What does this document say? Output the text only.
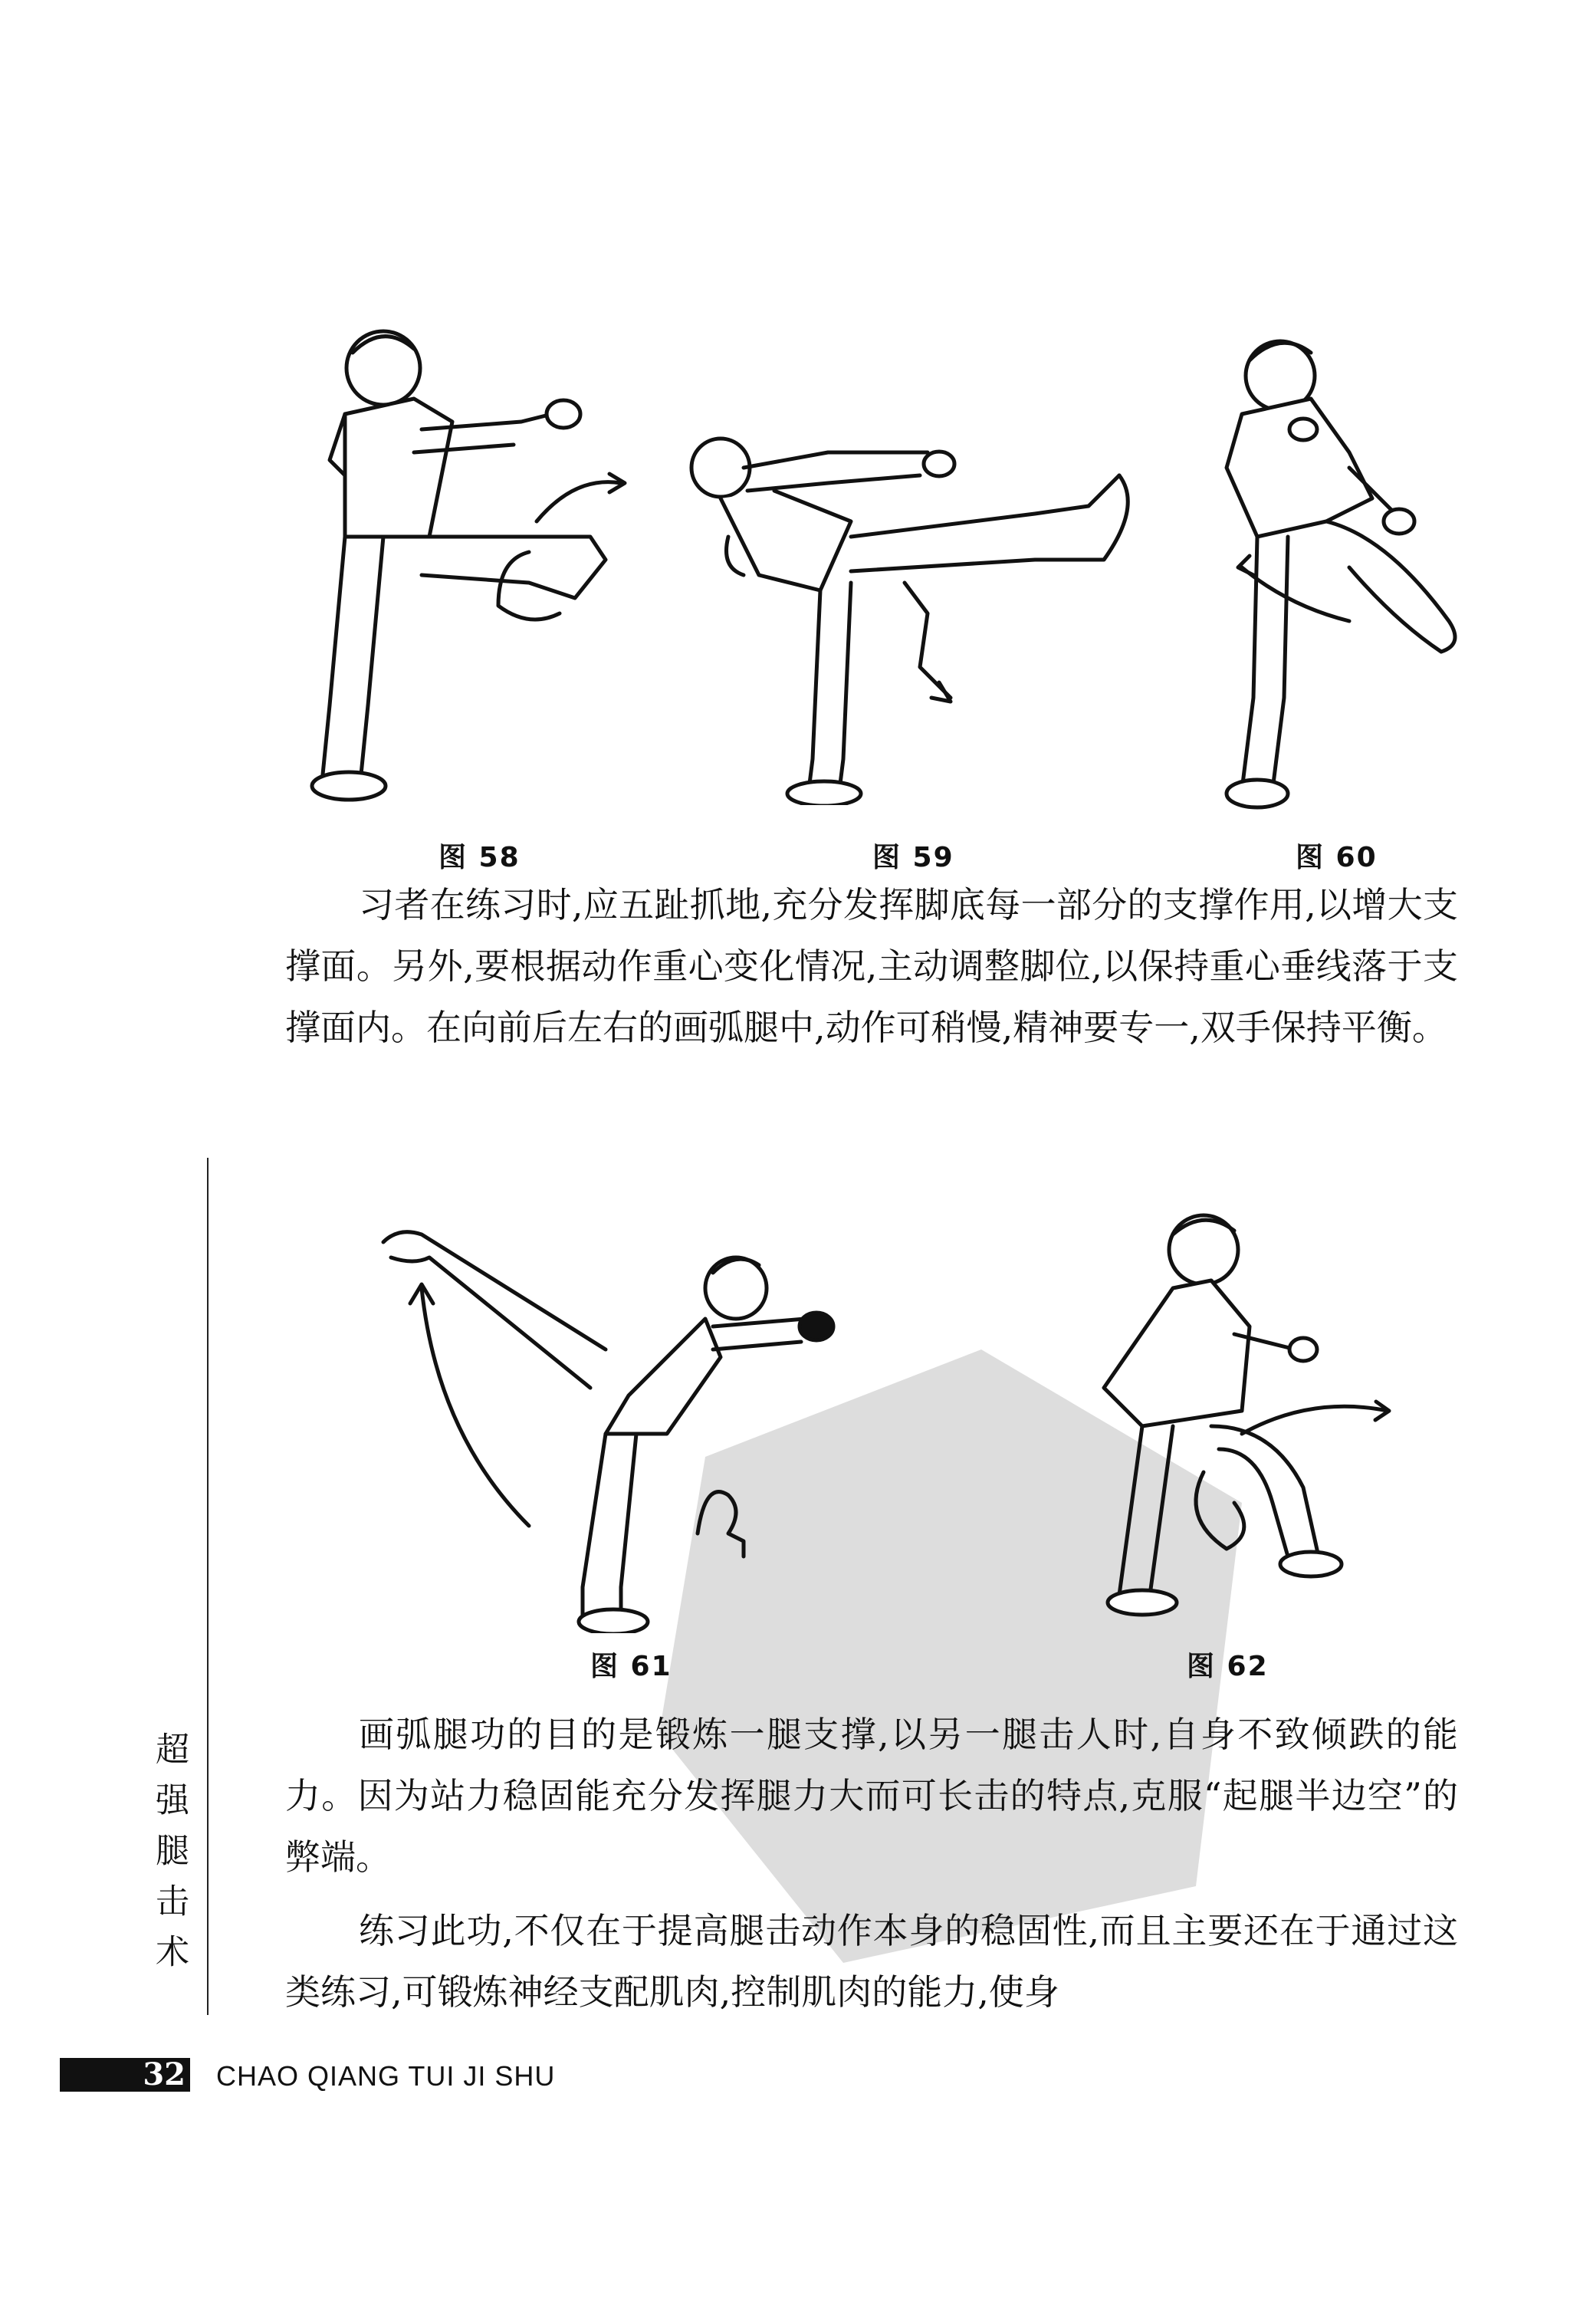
图 58	图 59	图 60

习者在练习时,应五趾抓地,充分发挥脚底每一部分的支撑作用,以增大支撑面。另外,要根据动作重心变化情况,主动调整脚位,以保持重心垂线落于支撑面内。在向前后左右的画弧腿中,动作可稍慢,精神要专一,双手保持平衡。

图 61	图 62

画弧腿功的目的是锻炼一腿支撑,以另一腿击人时,自身不致倾跌的能力。因为站力稳固能充分发挥腿力大而可长击的特点,克服“起腿半边空”的弊端。

练习此功,不仅在于提高腿击动作本身的稳固性,而且主要还在于通过这类练习,可锻炼神经支配肌肉,控制肌肉的能力,使身

超强腿击术
32 CHAO QIANG TUI JI SHU
